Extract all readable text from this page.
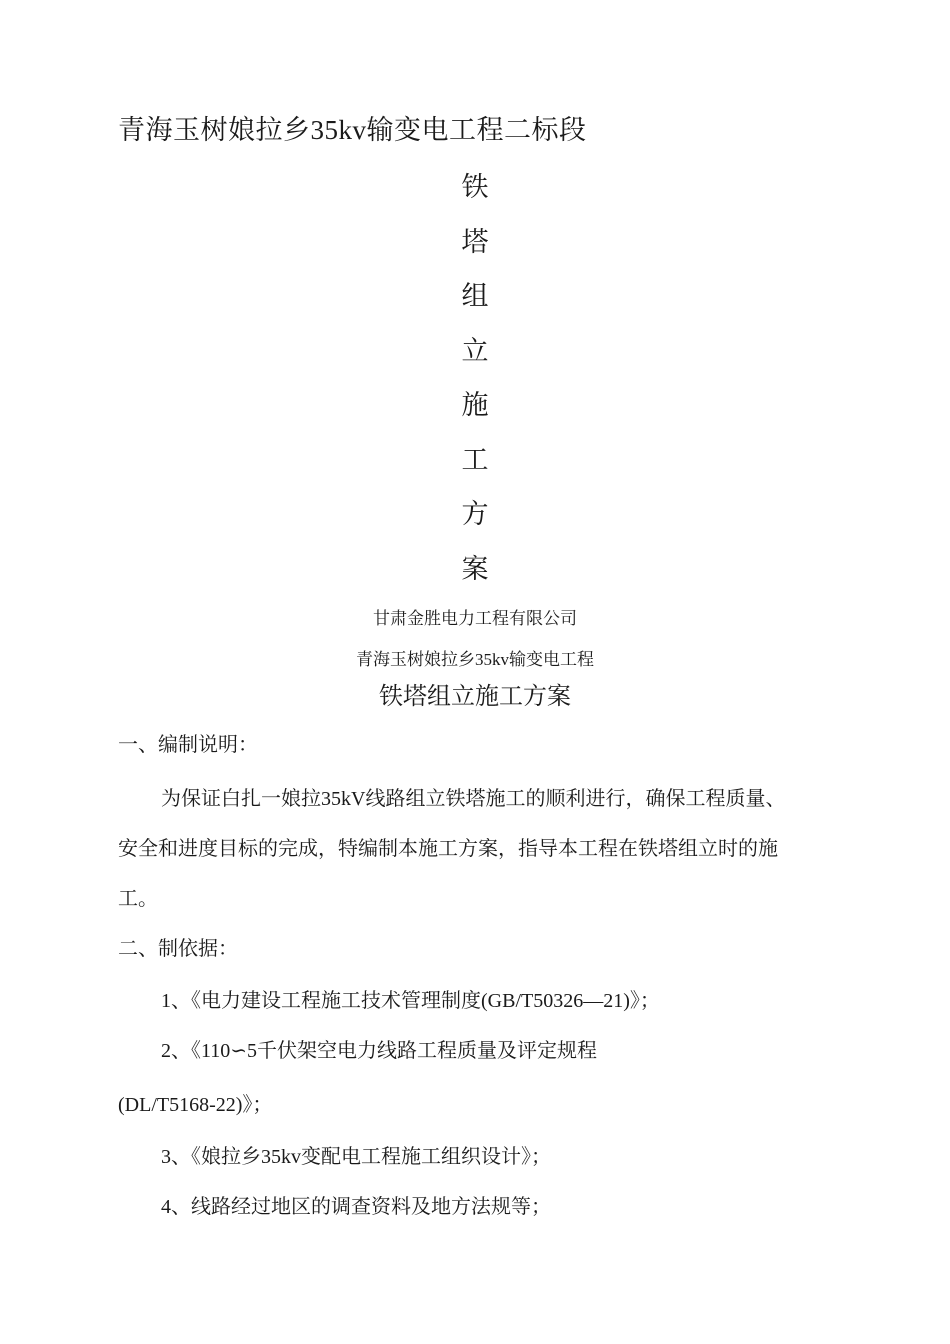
青海玉树娘拉乡35kv输变电工程二标段
铁
塔
组
立
施
工
方
案
甘肃金胜电力工程有限公司
青海玉树娘拉乡35kv输变电工程
铁塔组立施工方案
一、编制说明：
为保证白扎一娘拉35kV线路组立铁塔施工的顺利进行，确保工程质量、
安全和进度目标的完成，特编制本施工方案，指导本工程在铁塔组立时的施
工。
二、制依据：
1、《电力建设工程施工技术管理制度(GB/T50326—21)》；
2、《110∽5千伏架空电力线路工程质量及评定规程
(DL/T5168-22)》；
3、《娘拉乡35kv变配电工程施工组织设计》；
4、线路经过地区的调查资料及地方法规等；
